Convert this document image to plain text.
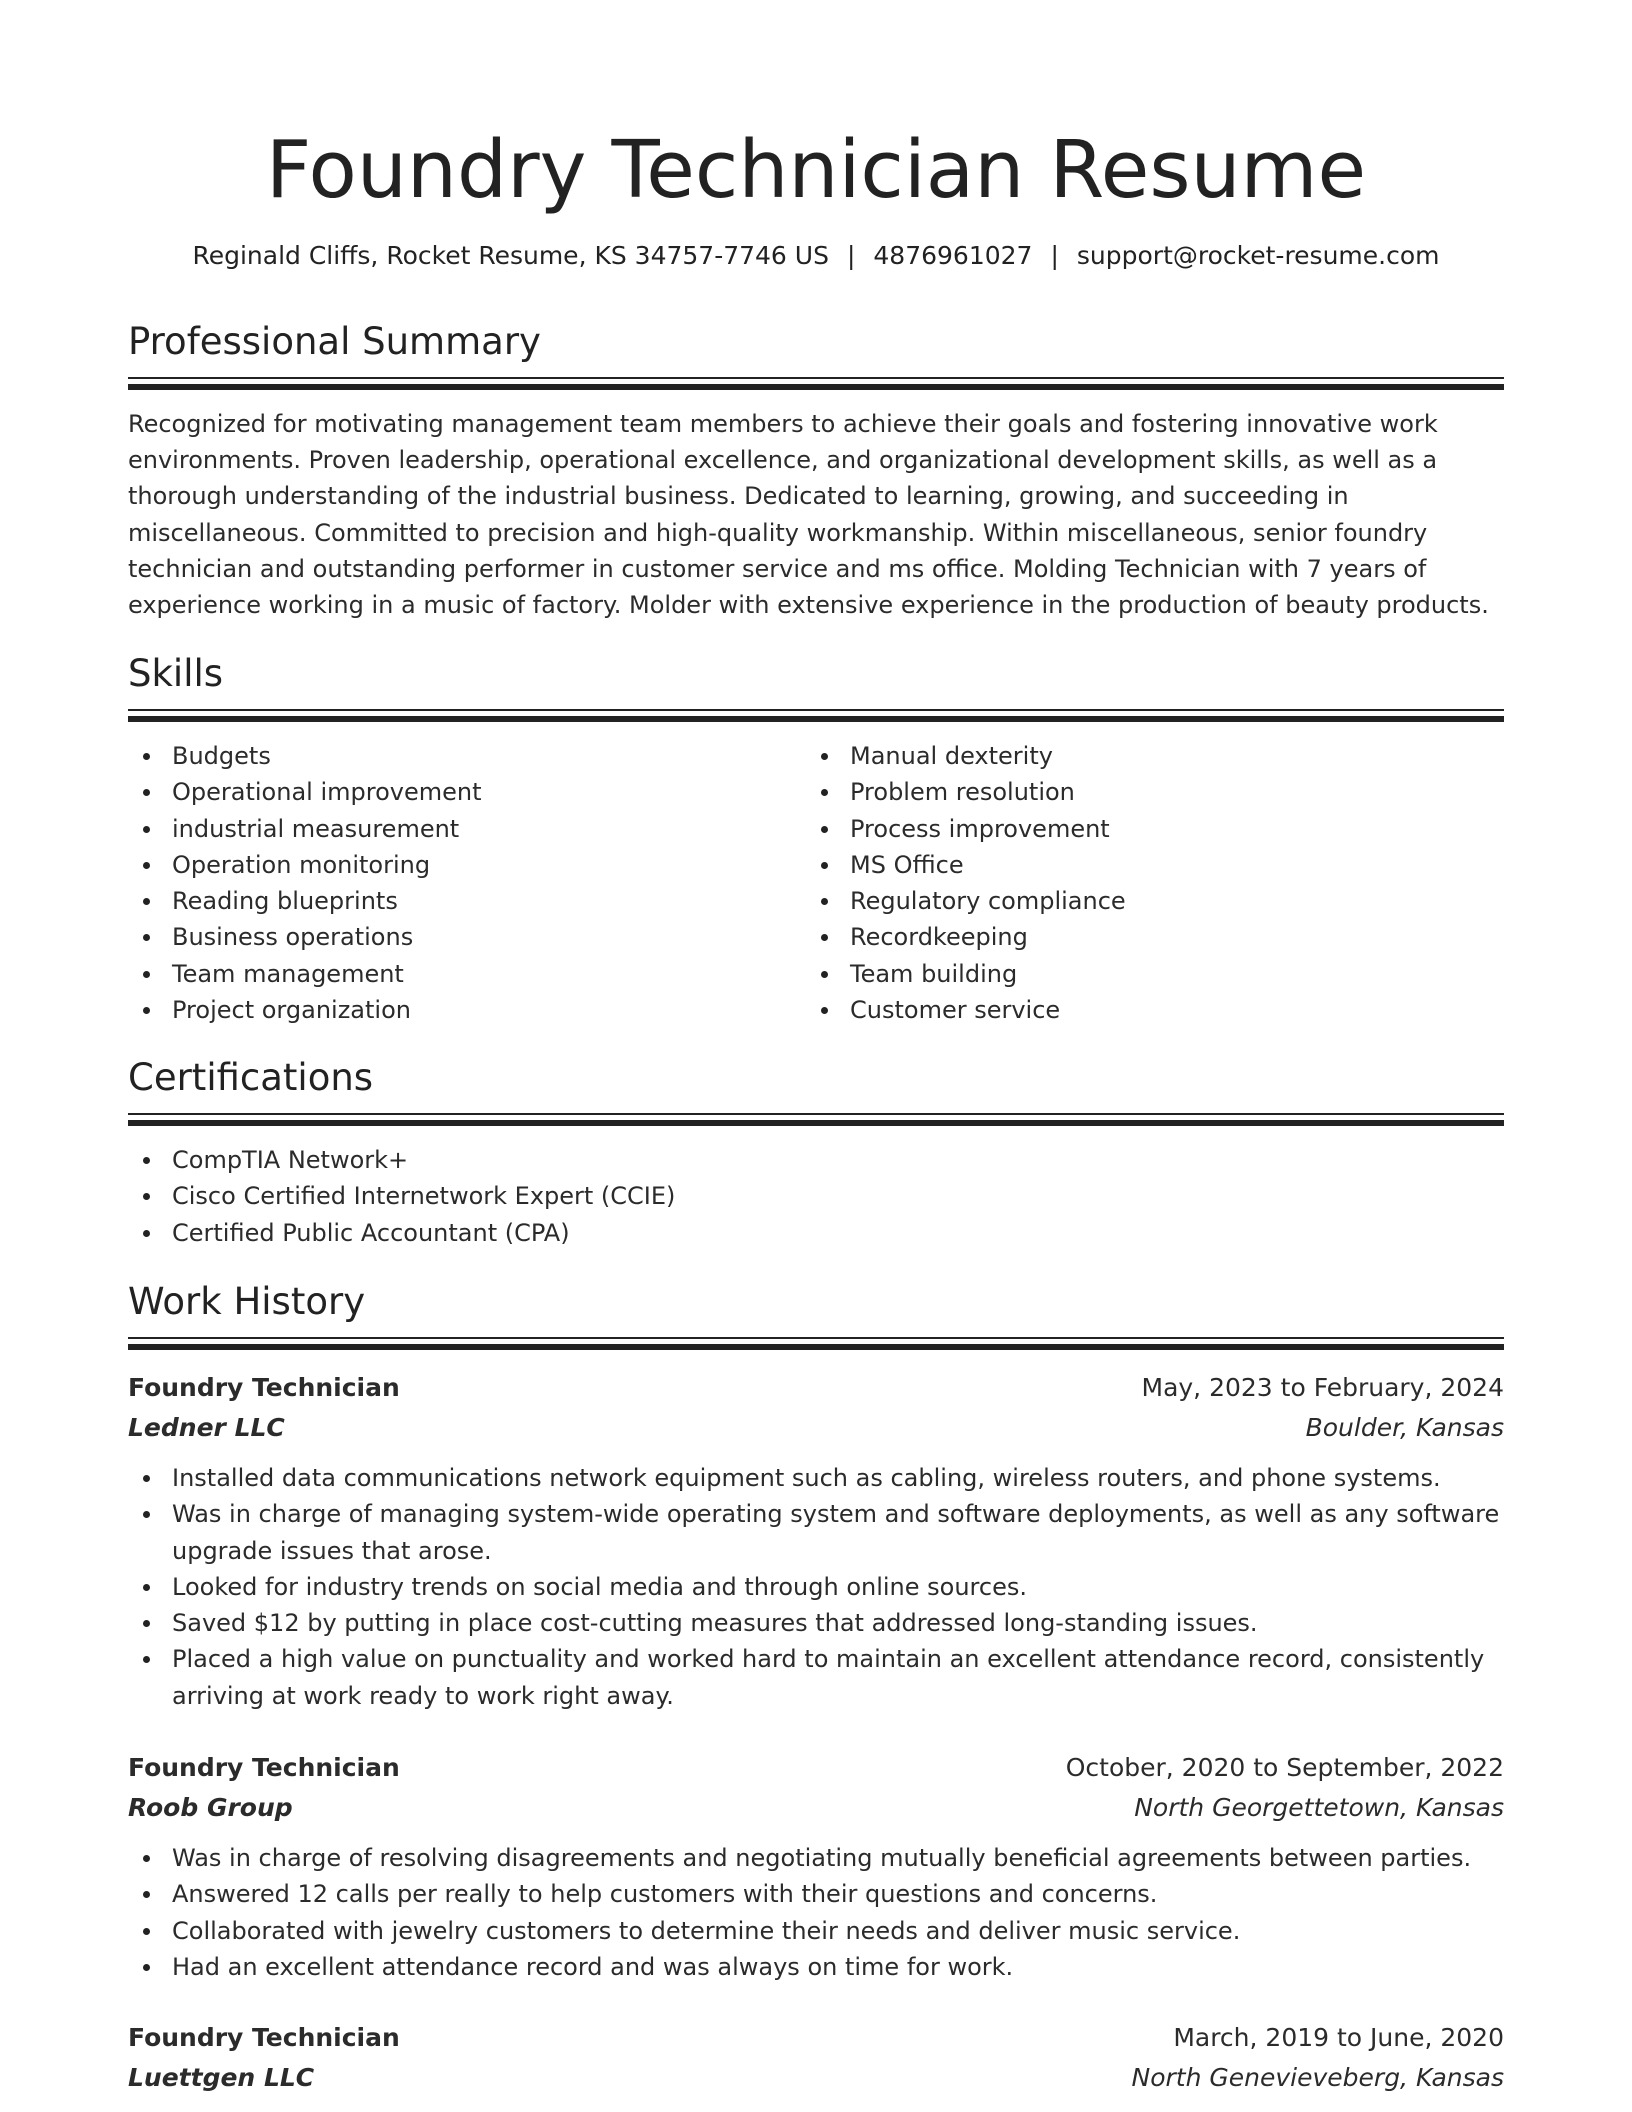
Foundry Technician Resume
Reginald Cliffs, Rocket Resume, KS 34757-7746 US | 4876961027 | support@rocket-resume.com
Professional Summary

Recognized for motivating management team members to achieve their goals and fostering innovative work environments. Proven leadership, operational excellence, and organizational development skills, as well as a thorough understanding of the industrial business. Dedicated to learning, growing, and succeeding in miscellaneous. Committed to precision and high-quality workmanship. Within miscellaneous, senior foundry technician and outstanding performer in customer service and ms office. Molding Technician with 7 years of experience working in a music of factory. Molder with extensive experience in the production of beauty products.

Skills
Budgets
Operational improvement
industrial measurement
Operation monitoring
Reading blueprints
Business operations
Team management
Project organization
Manual dexterity
Problem resolution
Process improvement
MS Office
Regulatory compliance
Recordkeeping
Team building
Customer service
Certifications
CompTIA Network+
Cisco Certified Internetwork Expert (CCIE)
Certified Public Accountant (CPA)
Work History
Foundry Technician	May, 2023 to February, 2024
Ledner LLC	Boulder, Kansas
Installed data communications network equipment such as cabling, wireless routers, and phone systems.
Was in charge of managing system-wide operating system and software deployments, as well as any software upgrade issues that arose.
Looked for industry trends on social media and through online sources.
Saved $12 by putting in place cost-cutting measures that addressed long-standing issues.
Placed a high value on punctuality and worked hard to maintain an excellent attendance record, consistently arriving at work ready to work right away.
Foundry Technician	October, 2020 to September, 2022
Roob Group	North Georgettetown, Kansas
Was in charge of resolving disagreements and negotiating mutually beneficial agreements between parties.
Answered 12 calls per really to help customers with their questions and concerns.
Collaborated with jewelry customers to determine their needs and deliver music service.
Had an excellent attendance record and was always on time for work.
Foundry Technician	March, 2019 to June, 2020
Luettgen LLC	North Genevieveberg, Kansas
